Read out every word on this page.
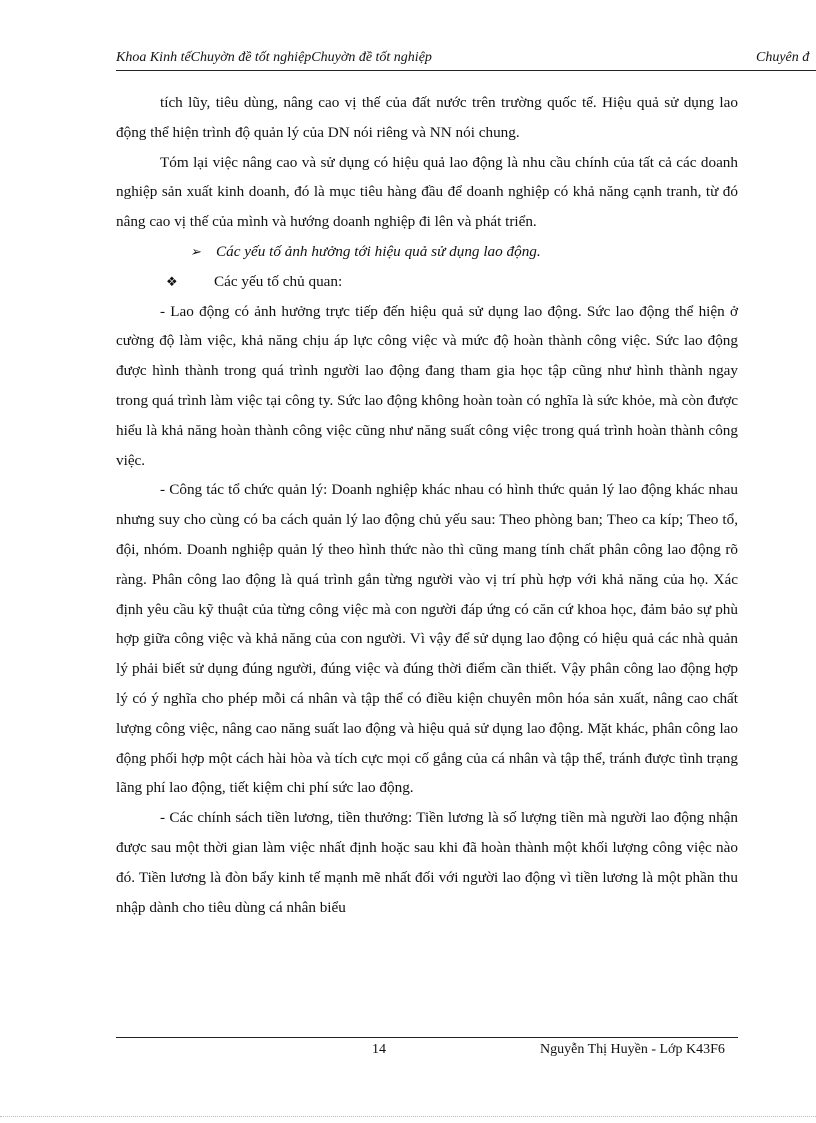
Khoa Kinh tếChuyờn đề tốt nghiệpChuyờn đề tốt nghiệp	Chuyên đ

tích lũy, tiêu dùng, nâng cao vị thế của đất nước trên trường quốc tế. Hiệu quả sử dụng lao động thể hiện trình độ quản lý của DN nói riêng và NN nói chung.

Tóm lại việc nâng cao và sử dụng có hiệu quả lao động là nhu cầu chính của tất cả các doanh nghiệp sản xuất kinh doanh, đó là mục tiêu hàng đầu để doanh nghiệp có khả năng cạnh tranh, từ đó nâng cao vị thế của mình và hướng doanh nghiệp đi lên và phát triển.

➢ Các yếu tố ảnh hưởng tới hiệu quả sử dụng lao động.
❖	Các yếu tố chủ quan:

- Lao động có ảnh hưởng trực tiếp đến hiệu quả sử dụng lao động. Sức lao động thể hiện ở cường độ làm việc, khả năng chịu áp lực công việc và mức độ hoàn thành công việc. Sức lao động được hình thành trong quá trình người lao động đang tham gia học tập cũng như hình thành ngay trong quá trình làm việc tại công ty. Sức lao động không hoàn toàn có nghĩa là sức khỏe, mà còn được hiểu là khả năng hoàn thành công việc cũng như năng suất công việc trong quá trình hoàn thành công việc.

- Công tác tổ chức quản lý: Doanh nghiệp khác nhau có hình thức quản lý lao động khác nhau nhưng suy cho cùng có ba cách quản lý lao động chủ yếu sau: Theo phòng ban; Theo ca kíp; Theo tổ, đội, nhóm. Doanh nghiệp quản lý theo hình thức nào thì cũng mang tính chất phân công lao động rõ ràng. Phân công lao động là quá trình gắn từng người vào vị trí phù hợp với khả năng của họ. Xác định yêu cầu kỹ thuật của từng công việc mà con người đáp ứng có căn cứ khoa học, đảm bảo sự phù hợp giữa công việc và khả năng của con người. Vì vậy để sử dụng lao động có hiệu quả các nhà quản lý phải biết sử dụng đúng người, đúng việc và đúng thời điểm cần thiết. Vậy phân công lao động hợp lý có ý nghĩa cho phép mỗi cá nhân và tập thể có điều kiện chuyên môn hóa sản xuất, nâng cao chất lượng công việc, nâng cao năng suất lao động và hiệu quả sử dụng lao động. Mặt khác, phân công lao động phối hợp một cách hài hòa và tích cực mọi cố gắng của cá nhân và tập thể, tránh được tình trạng lãng phí lao động, tiết kiệm chi phí sức lao động.

- Các chính sách tiền lương, tiền thưởng: Tiền lương là số lượng tiền mà người lao động nhận được sau một thời gian làm việc nhất định hoặc sau khi đã hoàn thành một khối lượng công việc nào đó. Tiền lương là đòn bẩy kinh tế mạnh mẽ nhất đối với người lao động vì tiền lương là một phần thu nhập dành cho tiêu dùng cá nhân biểu

14	Nguyễn Thị Huyền - Lớp K43F6
